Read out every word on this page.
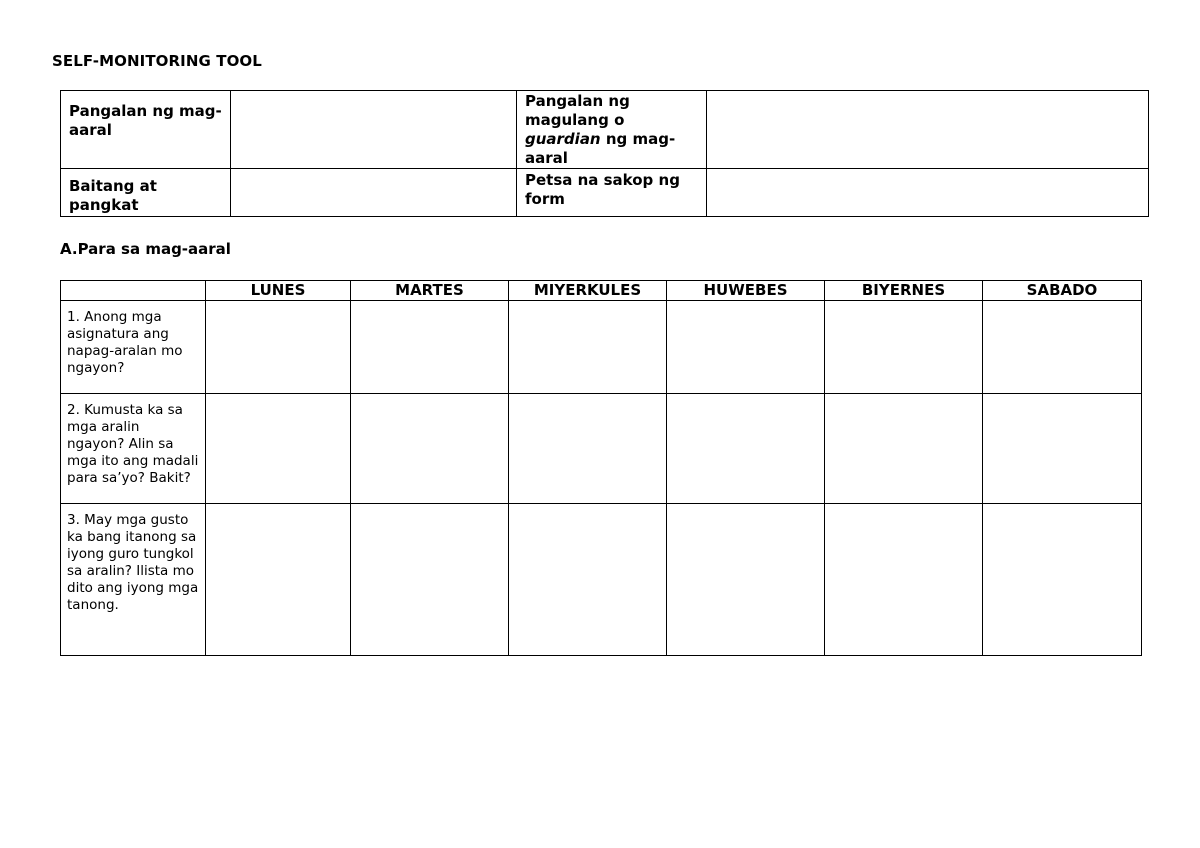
SELF-MONITORING TOOL
Pangalan ng mag- aaral		Pangalan ng magulang o
guardian ng mag-aaral	
Baitang at pangkat		Petsa na sakop ng form	
A.Para sa mag-aaral
	LUNES	MARTES	MIYERKULES	HUWEBES	BIYERNES	SABADO
1. Anong mga asignatura ang napag-aralan mo ngayon?						
2. Kumusta ka sa mga aralin ngayon? Alin sa mga ito ang madali para sa’yo? Bakit?						
3. May mga gusto ka bang itanong sa iyong guro tungkol sa aralin? Ilista mo dito ang iyong mga tanong.						
